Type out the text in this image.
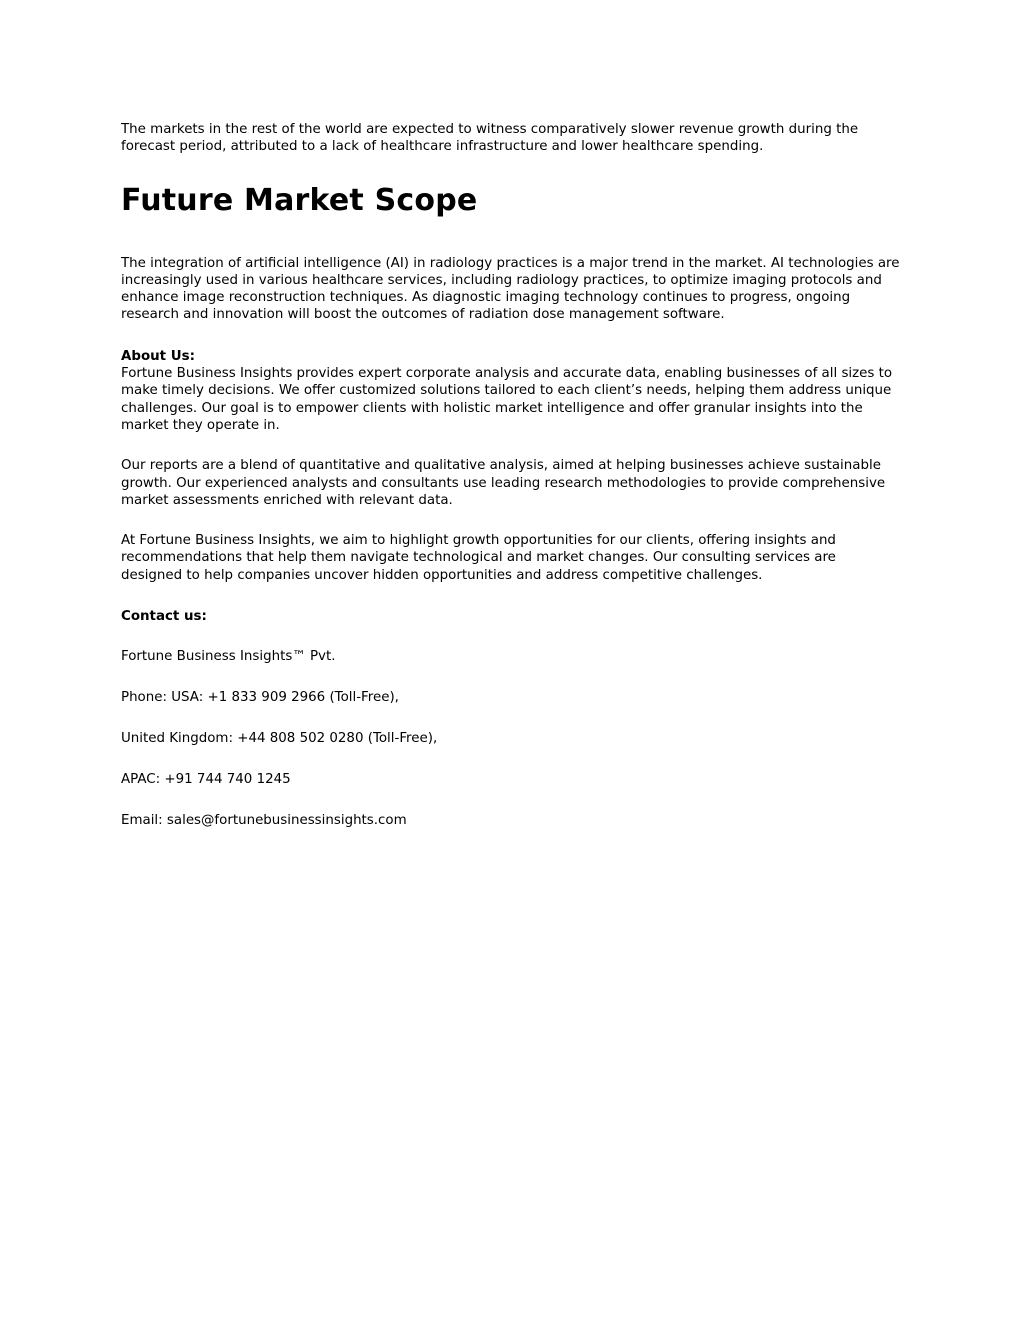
The markets in the rest of the world are expected to witness comparatively slower revenue growth during the forecast period, attributed to a lack of healthcare infrastructure and lower healthcare spending.

Future Market Scope

The integration of artificial intelligence (AI) in radiology practices is a major trend in the market. AI technologies are increasingly used in various healthcare services, including radiology practices, to optimize imaging protocols and enhance image reconstruction techniques. As diagnostic imaging technology continues to progress, ongoing research and innovation will boost the outcomes of radiation dose management software.

About Us:
Fortune Business Insights provides expert corporate analysis and accurate data, enabling businesses of all sizes to make timely decisions. We offer customized solutions tailored to each client’s needs, helping them address unique challenges. Our goal is to empower clients with holistic market intelligence and offer granular insights into the market they operate in.

Our reports are a blend of quantitative and qualitative analysis, aimed at helping businesses achieve sustainable growth. Our experienced analysts and consultants use leading research methodologies to provide comprehensive market assessments enriched with relevant data.

At Fortune Business Insights, we aim to highlight growth opportunities for our clients, offering insights and recommendations that help them navigate technological and market changes. Our consulting services are designed to help companies uncover hidden opportunities and address competitive challenges.

Contact us:

Fortune Business Insights™ Pvt.

Phone: USA: +1 833 909 2966 (Toll-Free),

United Kingdom: +44 808 502 0280 (Toll-Free),

APAC: +91 744 740 1245

Email: sales@fortunebusinessinsights.com
